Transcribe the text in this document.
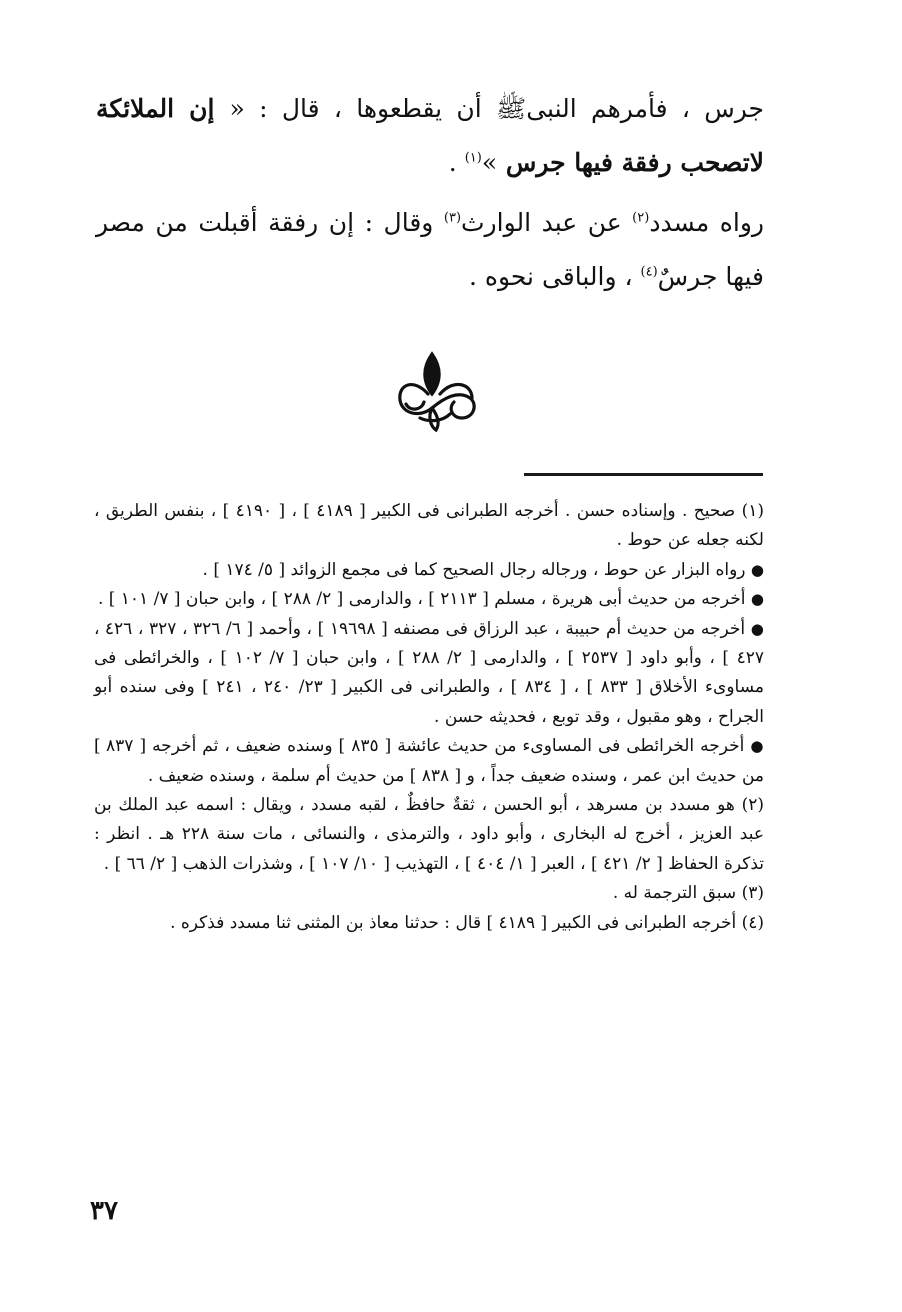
جرس ، فأمرهم النبىﷺ أن يقطعوها ، قال : « إن الملائكة لاتصحب رفقة فيها جرس »$^{(١)}$ .

رواه مسدد$^{(٢)}$ عن عبد الوارث$^{(٣)}$ وقال : إن رفقة أقبلت من مصر فيها جرسٌ$^{(٤)}$ ، والباقى نحوه .

(١) صحيح . وإسناده حسن . أخرجه الطبرانى فى الكبير [ ٤١٨٩ ] ، [ ٤١٩٠ ] ، بنفس الطريق ، لكنه جعله عن حوط .

● رواه البزار عن حوط ، ورجاله رجال الصحيح كما فى مجمع الزوائد [ ٥/ ١٧٤ ] .

● أخرجه من حديث أبى هريرة ، مسلم [ ٢١١٣ ] ، والدارمى [ ٢/ ٢٨٨ ] ، وابن حبان [ ٧/ ١٠١ ] .

● أخرجه من حديث أم حبيبة ، عبد الرزاق فى مصنفه [ ١٩٦٩٨ ] ، وأحمد [ ٦/ ٣٢٦ ، ٣٢٧ ، ٤٢٦ ، ٤٢٧ ] ، وأبو داود [ ٢٥٣٧ ] ، والدارمى [ ٢/ ٢٨٨ ] ، وابن حبان [ ٧/ ١٠٢ ] ، والخرائطى فى مساوىء الأخلاق [ ٨٣٣ ] ، [ ٨٣٤ ] ، والطبرانى فى الكبير [ ٢٣/ ٢٤٠ ، ٢٤١ ] وفى سنده أبو الجراح ، وهو مقبول ، وقد توبع ، فحديثه حسن .

● أخرجه الخرائطى فى المساوىء من حديث عائشة [ ٨٣٥ ] وسنده ضعيف ، ثم أخرجه [ ٨٣٧ ] من حديث ابن عمر ، وسنده ضعيف جداً ، و [ ٨٣٨ ] من حديث أم سلمة ، وسنده ضعيف .

(٢) هو مسدد بن مسرهد ، أبو الحسن ، ثقةٌ حافظٌ ، لقبه مسدد ، ويقال : اسمه عبد الملك بن عبد العزيز ، أخرج له البخارى ، وأبو داود ، والترمذى ، والنسائى ، مات سنة ٢٢٨ هـ . انظر : تذكرة الحفاظ [ ٢/ ٤٢١ ] ، العبر [ ١/ ٤٠٤ ] ، التهذيب [ ١٠/ ١٠٧ ] ، وشذرات الذهب [ ٢/ ٦٦ ] .

(٣) سبق الترجمة له .

(٤) أخرجه الطبرانى فى الكبير [ ٤١٨٩ ] قال : حدثنا معاذ بن المثنى ثنا مسدد فذكره .

٣٧
